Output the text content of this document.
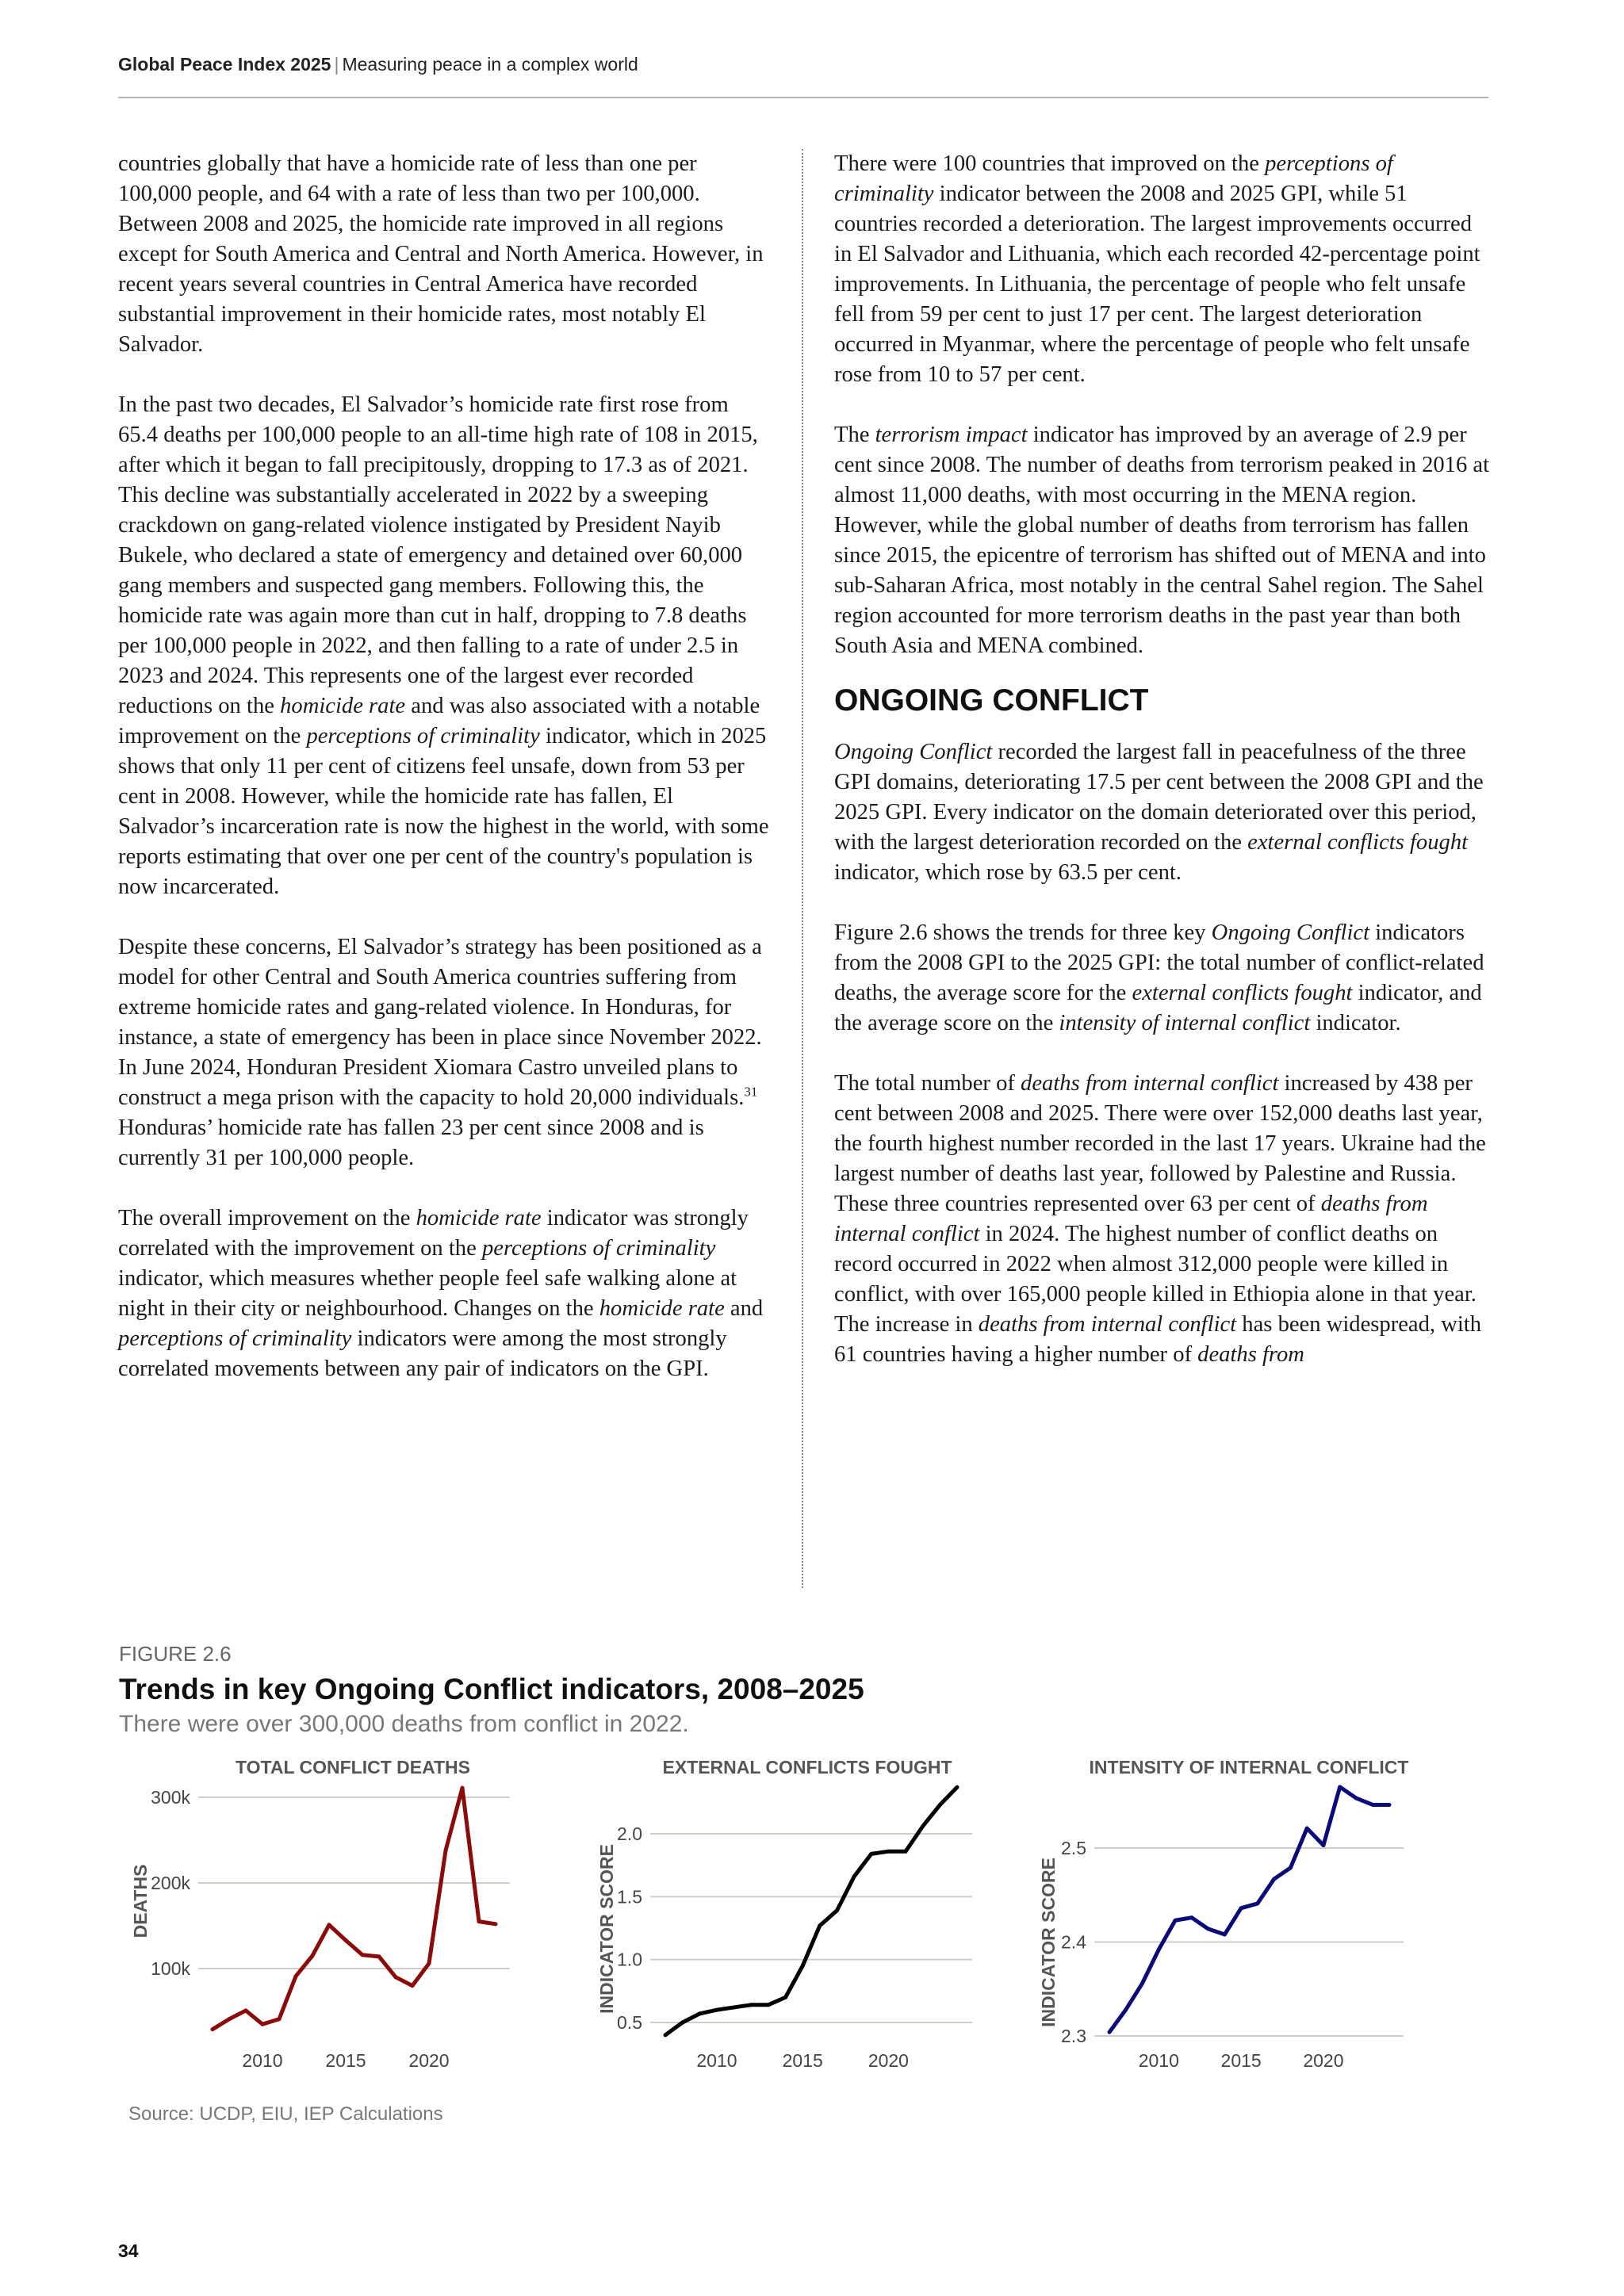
Global Peace Index 2025 | Measuring peace in a complex world

countries globally that have a homicide rate of less than one per 100,000 people, and 64 with a rate of less than two per 100,000. Between 2008 and 2025, the homicide rate improved in all regions except for South America and Central and North America. However, in recent years several countries in Central America have recorded substantial improvement in their homicide rates, most notably El Salvador.

In the past two decades, El Salvador’s homicide rate first rose from 65.4 deaths per 100,000 people to an all-time high rate of 108 in 2015, after which it began to fall precipitously, dropping to 17.3 as of 2021. This decline was substantially accelerated in 2022 by a sweeping crackdown on gang-related violence instigated by President Nayib Bukele, who declared a state of emergency and detained over 60,000 gang members and suspected gang members. Following this, the homicide rate was again more than cut in half, dropping to 7.8 deaths per 100,000 people in 2022, and then falling to a rate of under 2.5 in 2023 and 2024. This represents one of the largest ever recorded reductions on the homicide rate and was also associated with a notable improvement on the perceptions of criminality indicator, which in 2025 shows that only 11 per cent of citizens feel unsafe, down from 53 per cent in 2008. However, while the homicide rate has fallen, El Salvador’s incarceration rate is now the highest in the world, with some reports estimating that over one per cent of the country's population is now incarcerated.

Despite these concerns, El Salvador’s strategy has been positioned as a model for other Central and South America countries suffering from extreme homicide rates and gang-related violence. In Honduras, for instance, a state of emergency has been in place since November 2022. In June 2024, Honduran President Xiomara Castro unveiled plans to construct a mega prison with the capacity to hold 20,000 individuals.$^{31}$ Honduras’ homicide rate has fallen 23 per cent since 2008 and is currently 31 per 100,000 people.

The overall improvement on the homicide rate indicator was strongly correlated with the improvement on the perceptions of criminality indicator, which measures whether people feel safe walking alone at night in their city or neighbourhood. Changes on the homicide rate and perceptions of criminality indicators were among the most strongly correlated movements between any pair of indicators on the GPI.

There were 100 countries that improved on the perceptions of criminality indicator between the 2008 and 2025 GPI, while 51 countries recorded a deterioration. The largest improvements occurred in El Salvador and Lithuania, which each recorded 42-percentage point improvements. In Lithuania, the percentage of people who felt unsafe fell from 59 per cent to just 17 per cent. The largest deterioration occurred in Myanmar, where the percentage of people who felt unsafe rose from 10 to 57 per cent.

The terrorism impact indicator has improved by an average of 2.9 per cent since 2008. The number of deaths from terrorism peaked in 2016 at almost 11,000 deaths, with most occurring in the MENA region. However, while the global number of deaths from terrorism has fallen since 2015, the epicentre of terrorism has shifted out of MENA and into sub-Saharan Africa, most notably in the central Sahel region. The Sahel region accounted for more terrorism deaths in the past year than both South Asia and MENA combined.

ONGOING CONFLICT

Ongoing Conflict recorded the largest fall in peacefulness of the three GPI domains, deteriorating 17.5 per cent between the 2008 GPI and the 2025 GPI. Every indicator on the domain deteriorated over this period, with the largest deterioration recorded on the external conflicts fought indicator, which rose by 63.5 per cent.

Figure 2.6 shows the trends for three key Ongoing Conflict indicators from the 2008 GPI to the 2025 GPI: the total number of conflict-related deaths, the average score for the external conflicts fought indicator, and the average score on the intensity of internal conflict indicator.

The total number of deaths from internal conflict increased by 438 per cent between 2008 and 2025. There were over 152,000 deaths last year, the fourth highest number recorded in the last 17 years. Ukraine had the largest number of deaths last year, followed by Palestine and Russia. These three countries represented over 63 per cent of deaths from internal conflict in 2024. The highest number of conflict deaths on record occurred in 2022 when almost 312,000 people were killed in conflict, with over 165,000 people killed in Ethiopia alone in that year. The increase in deaths from internal conflict has been widespread, with 61 countries having a higher number of deaths from

FIGURE 2.6
Trends in key Ongoing Conflict indicators, 2008–2025
There were over 300,000 deaths from conflict in 2022.
TOTAL CONFLICT DEATHS
100k
200k
300k
2010 2015 2020
DEATHS
EXTERNAL CONFLICTS FOUGHT
0.5
1.0
1.5
2.0
2010 2015 2020
INDICATOR SCORE
INTENSITY OF INTERNAL CONFLICT
2.3
2.4
2.5
2010 2015 2020
INDICATOR SCORE
Source: UCDP, EIU, IEP Calculations
34
